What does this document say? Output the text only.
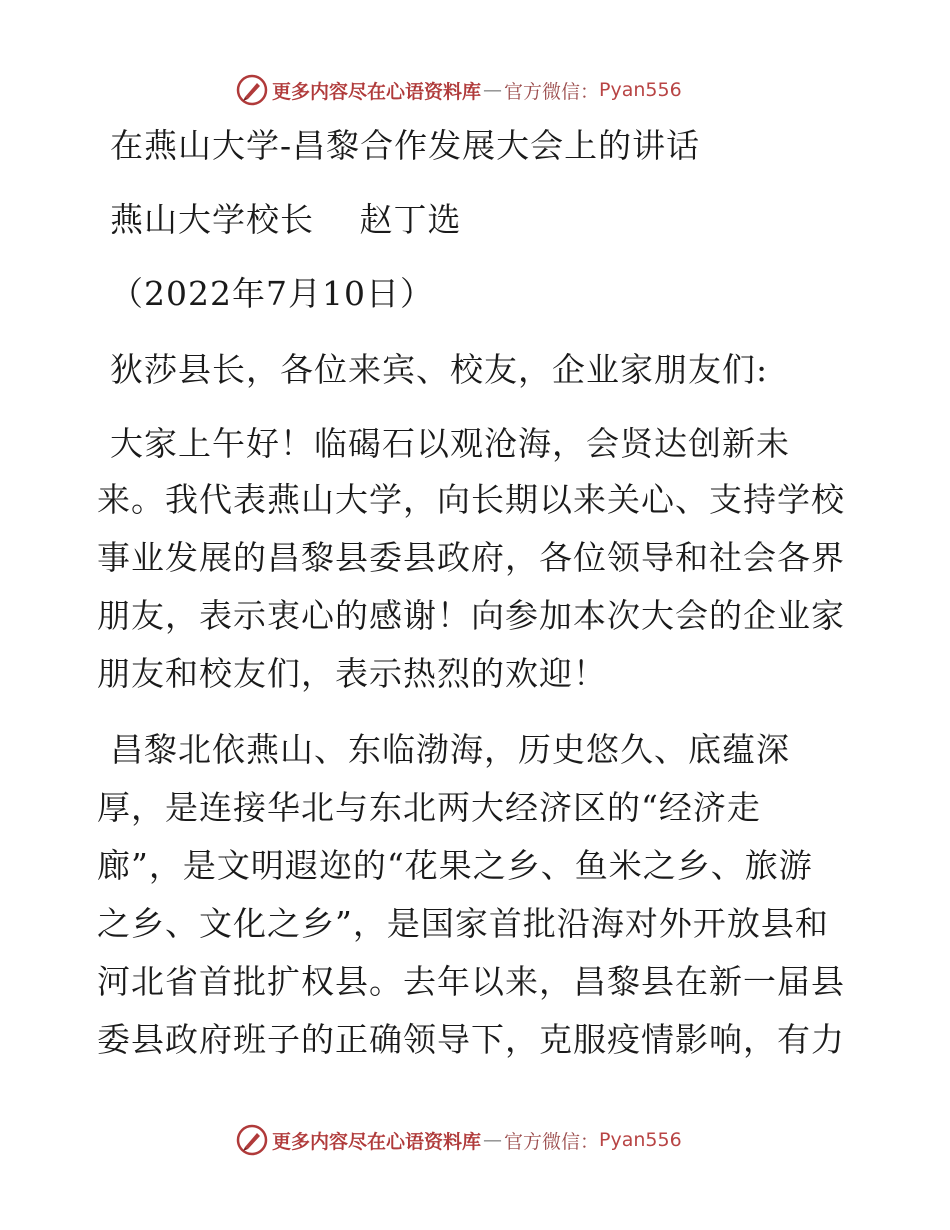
更多内容尽在心语资料库 — 官方微信： Pyan556
在燕山大学-昌黎合作发展大会上的讲话
燕山大学校长　 赵丁选
（2022年7月10日）
狄莎县长，各位来宾、校友，企业家朋友们:
大家上午好！临碣石以观沧海，会贤达创新未
来。我代表燕山大学，向长期以来关心、支持学校
事业发展的昌黎县委县政府，各位领导和社会各界
朋友，表示衷心的感谢！向参加本次大会的企业家
朋友和校友们，表示热烈的欢迎！
昌黎北依燕山、东临渤海，历史悠久、底蕴深
厚，是连接华北与东北两大经济区的“经济走
廊”，是文明遐迩的“花果之乡、鱼米之乡、旅游
之乡、文化之乡”，是国家首批沿海对外开放县和
河北省首批扩权县。去年以来，昌黎县在新一届县
委县政府班子的正确领导下，克服疫情影响，有力
更多内容尽在心语资料库 — 官方微信： Pyan556
